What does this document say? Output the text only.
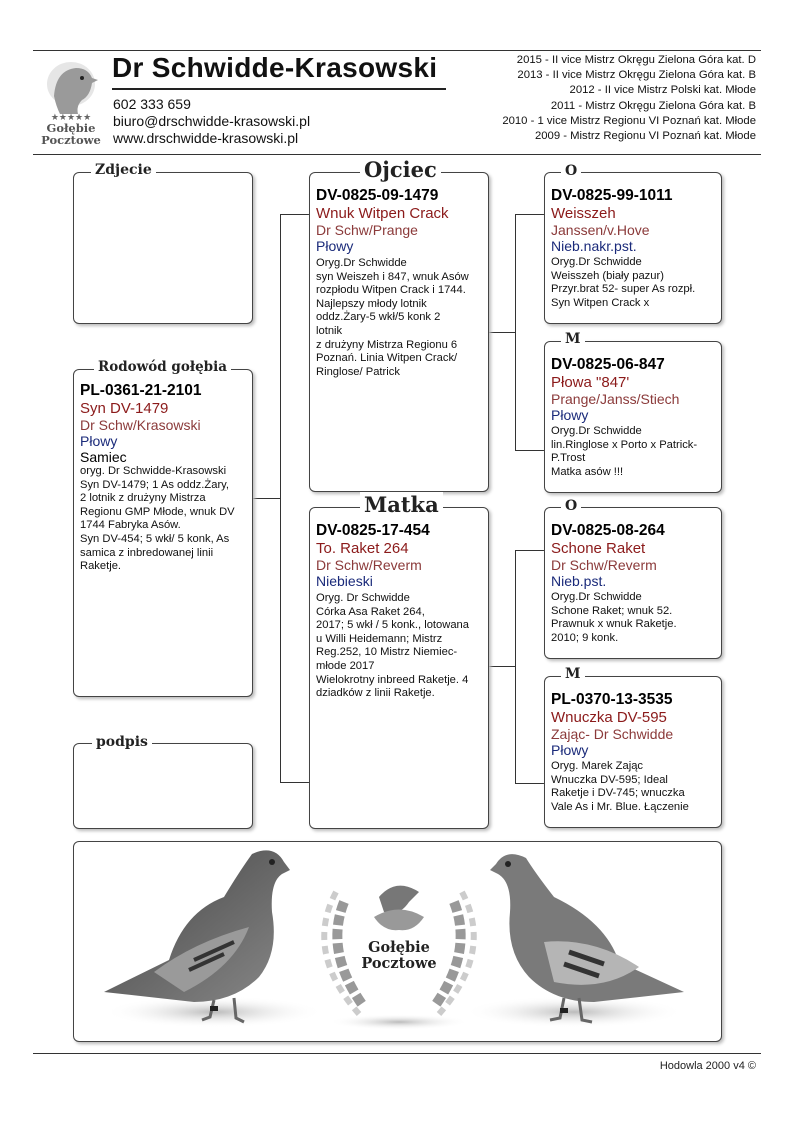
★★★★★
Gołębie Pocztowe
Dr Schwidde-Krasowski
602 333 659
biuro@drschwidde-krasowski.pl
www.drschwidde-krasowski.pl
2015 - II vice Mistrz Okręgu Zielona Góra kat. D
2013 - II vice Mistrz Okręgu Zielona Góra kat. B
2012 - II vice Mistrz Polski kat. Młode
2011 - Mistrz Okręgu Zielona Góra kat. B
2010 - 1 vice Mistrz Regionu VI Poznań kat. Młode
2009 - Mistrz Regionu VI Poznań kat. Młode
Zdjecie
PL-0361-21-2101
Syn DV-1479
Dr Schw/Krasowski
Płowy
Samiec
oryg. Dr Schwidde-Krasowski
Syn DV-1479; 1 As oddz.Żary,
2 lotnik z drużyny Mistrza
Regionu GMP Młode, wnuk DV
1744 Fabryka Asów.
Syn DV-454; 5 wkł/ 5 konk, As
samica z inbredowanej linii
Raketje.
Rodowód gołębia
podpis
DV-0825-09-1479
Wnuk Witpen Crack
Dr Schw/Prange
Płowy
Oryg.Dr Schwidde
syn Weiszeh i 847, wnuk Asów
rozpłodu Witpen Crack i 1744.
Najlepszy młody lotnik
oddz.Żary-5 wkł/5 konk 2
lotnik
z drużyny Mistrza Regionu 6
Poznań. Linia Witpen Crack/
Ringlose/ Patrick
Ojciec
DV-0825-17-454
To. Raket 264
Dr Schw/Reverm
Niebieski
Oryg. Dr Schwidde
Córka Asa Raket 264,
2017; 5 wkł / 5 konk., lotowana
u Willi Heidemann; Mistrz
Reg.252, 10 Mistrz Niemiec-
młode 2017
Wielokrotny inbreed Raketje. 4
dziadków z linii Raketje.
Matka
DV-0825-99-1011
Weisszeh
Janssen/v.Hove
Nieb.nakr.pst.
Oryg.Dr Schwidde
Weisszeh (biały pazur)
Przyr.brat 52- super As rozpł.
Syn Witpen Crack x
O
DV-0825-06-847
Płowa "847'
Prange/Janss/Stiech
Płowy
Oryg.Dr Schwidde
lin.Ringlose x Porto x Patrick-
P.Trost
Matka asów !!!
M
DV-0825-08-264
Schone Raket
Dr Schw/Reverm
Nieb.pst.
Oryg.Dr Schwidde
Schone Raket; wnuk 52.
Prawnuk x wnuk Raketje.
2010; 9 konk.
O
PL-0370-13-3535
Wnuczka DV-595
Zając- Dr Schwidde
Płowy
Oryg. Marek Zając
Wnuczka DV-595; Ideal
Raketje i DV-745; wnuczka
Vale As i Mr. Blue. Łączenie
M
Gołębie Pocztowe
Hodowla 2000 v4 ©
